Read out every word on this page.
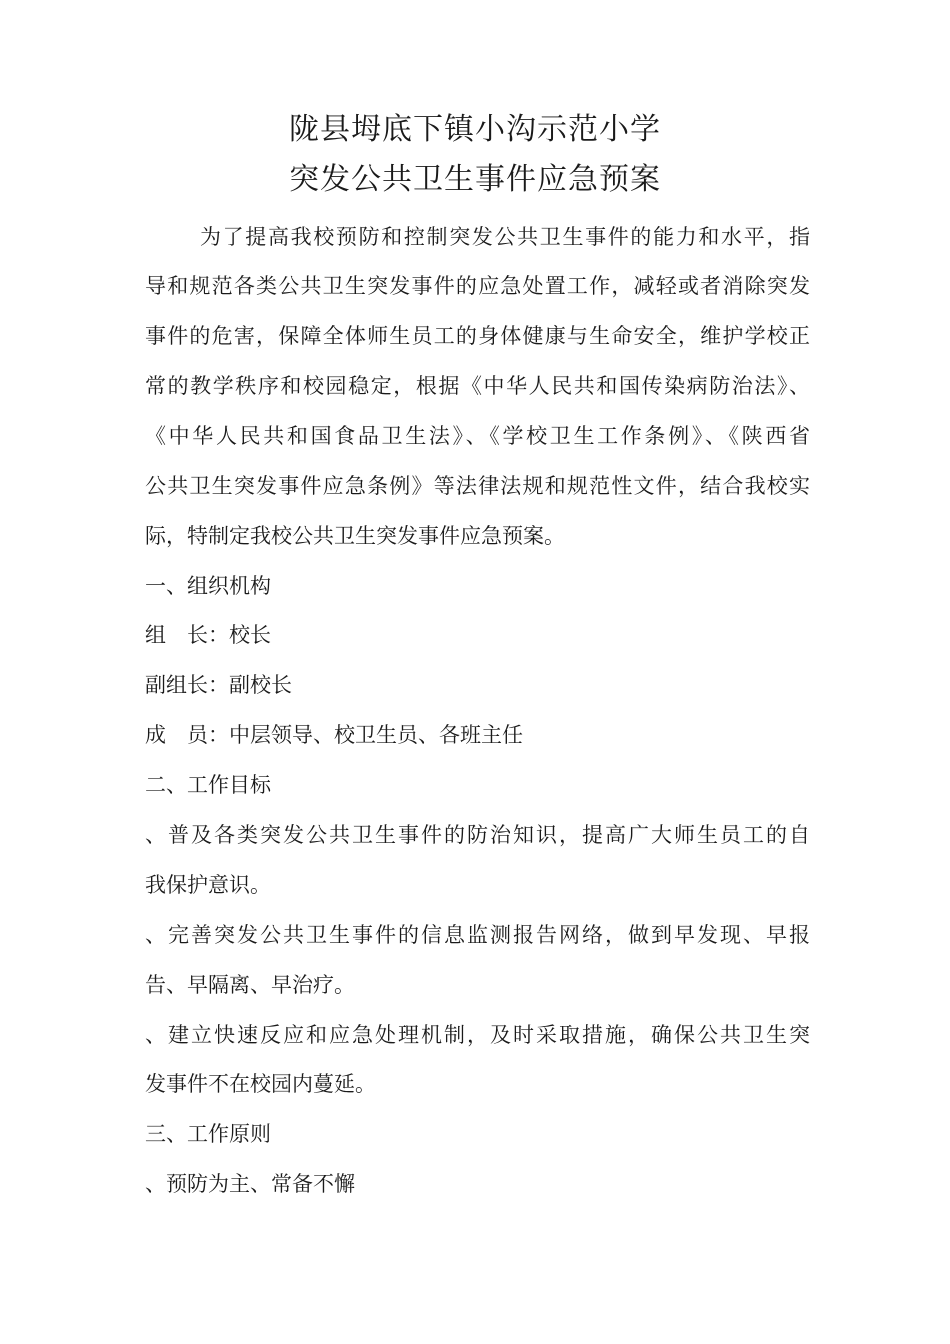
陇县坶底下镇小沟示范小学
突发公共卫生事件应急预案
为了提高我校预防和控制突发公共卫生事件的能力和水平，指
导和规范各类公共卫生突发事件的应急处置工作，减轻或者消除突发
事件的危害，保障全体师生员工的身体健康与生命安全，维护学校正
常的教学秩序和校园稳定，根据《中华人民共和国传染病防治法》、
《中华人民共和国食品卫生法》、《学校卫生工作条例》、《陕西省
公共卫生突发事件应急条例》等法律法规和规范性文件，结合我校实
际，特制定我校公共卫生突发事件应急预案。
一、组织机构
组　长：校长
副组长：副校长
成　员：中层领导、校卫生员、各班主任
二、工作目标
、普及各类突发公共卫生事件的防治知识，提高广大师生员工的自
我保护意识。
、完善突发公共卫生事件的信息监测报告网络，做到早发现、早报
告、早隔离、早治疗。
、建立快速反应和应急处理机制，及时采取措施，确保公共卫生突
发事件不在校园内蔓延。
三、工作原则
、预防为主、常备不懈
